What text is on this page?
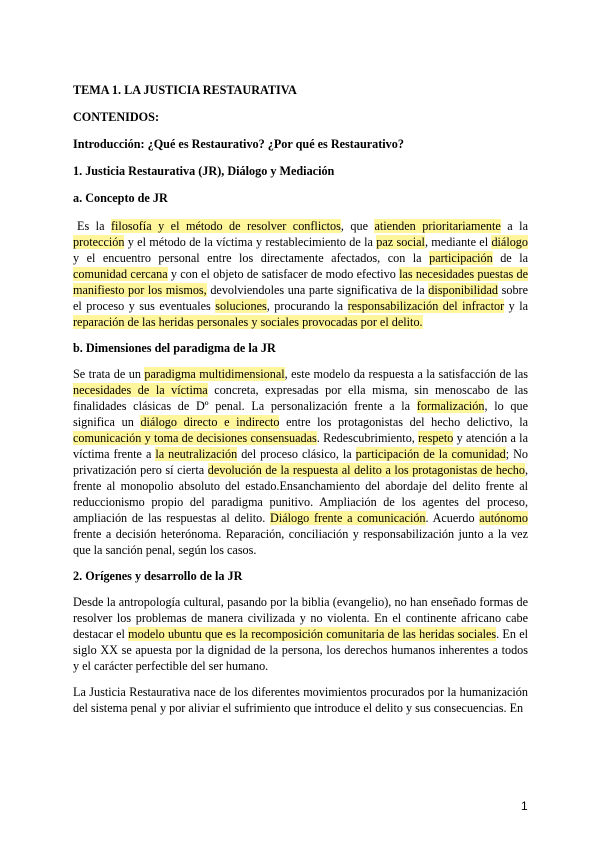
TEMA 1. LA JUSTICIA RESTAURATIVA
CONTENIDOS:
Introducción: ¿Qué es Restaurativo? ¿Por qué es Restaurativo?
1. Justicia Restaurativa (JR), Diálogo y Mediación
a. Concepto de JR

Es la filosofía y el método de resolver conflictos, que atienden prioritariamente a la protección y el método de la víctima y restablecimiento de la paz social, mediante el diálogo y el encuentro personal entre los directamente afectados, con la participación de la comunidad cercana y con el objeto de satisfacer de modo efectivo las necesidades puestas de manifiesto por los mismos, devolviendoles una parte significativa de la disponibilidad sobre el proceso y sus eventuales soluciones, procurando la responsabilización del infractor y la reparación de las heridas personales y sociales provocadas por el delito.

b. Dimensiones del paradigma de la JR

Se trata de un paradigma multidimensional, este modelo da respuesta a la satisfacción de las necesidades de la víctima concreta, expresadas por ella misma, sin menoscabo de las finalidades clásicas de Dº penal. La personalización frente a la formalización, lo que significa un diálogo directo e indirecto entre los protagonistas del hecho delictivo, la comunicación y toma de decisiones consensuadas. Redescubrimiento, respeto y atención a la víctima frente a la neutralización del proceso clásico, la participación de la comunidad; No privatización pero sí cierta devolución de la respuesta al delito a los protagonistas de hecho, frente al monopolio absoluto del estado.Ensanchamiento del abordaje del delito frente al reduccionismo propio del paradigma punitivo. Ampliación de los agentes del proceso, ampliación de las respuestas al delito. Diálogo frente a comunicación. Acuerdo autónomo frente a decisión heterónoma. Reparación, conciliación y responsabilización junto a la vez que la sanción penal, según los casos.

2. Orígenes y desarrollo de la JR

Desde la antropología cultural, pasando por la biblia (evangelio), no han enseñado formas de resolver los problemas de manera civilizada y no violenta. En el continente africano cabe destacar el modelo ubuntu que es la recomposición comunitaria de las heridas sociales. En el siglo XX se apuesta por la dignidad de la persona, los derechos humanos inherentes a todos y el carácter perfectible del ser humano.

La Justicia Restaurativa nace de los diferentes movimientos procurados por la humanización del sistema penal y por aliviar el sufrimiento que introduce el delito y sus consecuencias. En

1
